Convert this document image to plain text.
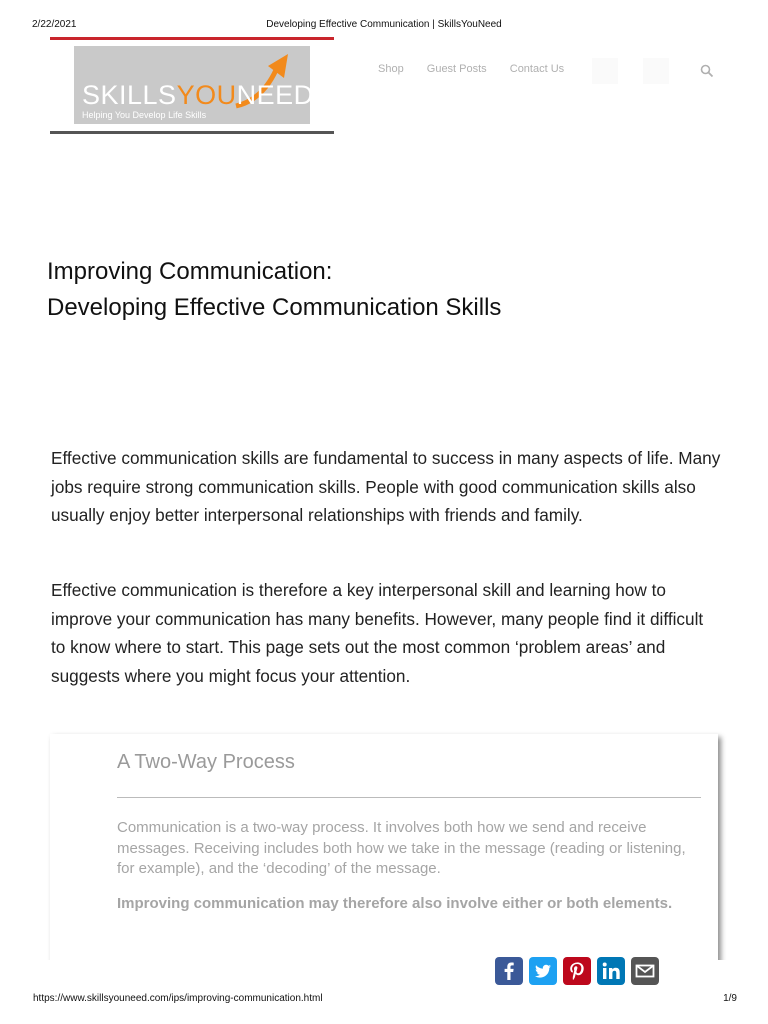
2/22/2021	Developing Effective Communication | SkillsYouNeed
SKILLSYOUNEED
Helping You Develop Life Skills
Shop Guest Posts Contact Us
Improving Communication:
Developing Effective Communication Skills

Effective communication skills are fundamental to success in many aspects of life. Many jobs require strong communication skills. People with good communication skills also usually enjoy better interpersonal relationships with friends and family.

Effective communication is therefore a key interpersonal skill and learning how to improve your communication has many benefits. However, many people find it difficult to know where to start. This page sets out the most common ‘problem areas’ and suggests where you might focus your attention.

A Two-Way Process

Communication is a two-way process. It involves both how we send and receive messages. Receiving includes both how we take in the message (reading or listening, for example), and the ‘decoding’ of the message.

Improving communication may therefore also involve either or both elements.

https://www.skillsyouneed.com/ips/improving-communication.html	1/9
